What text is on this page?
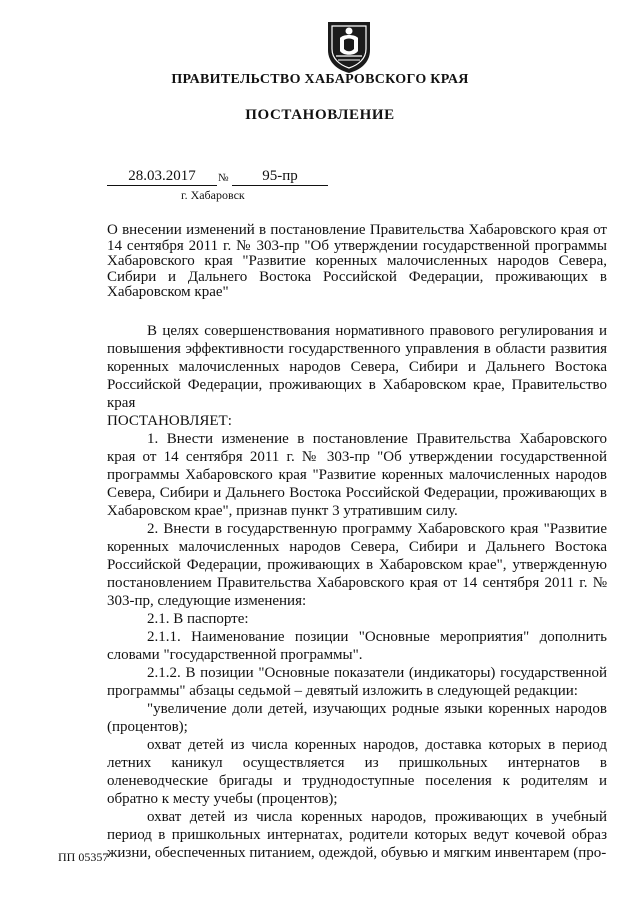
ПРАВИТЕЛЬСТВО ХАБАРОВСКОГО КРАЯ
ПОСТАНОВЛЕНИЕ
28.03.2017	№	95-пр
г. Хабаровск
О внесении изменений в постановление Правительства Хабаровского края от 14 сентября 2011 г. № 303-пр "Об утверждении государственной программы Хабаровского края "Развитие коренных малочисленных народов Севера, Сибири и Дальнего Востока Российской Федерации, проживающих в Хабаровском крае"

В целях совершенствования нормативного правового регулирования и повышения эффективности государственного управления в области развития коренных малочисленных народов Севера, Сибири и Дальнего Востока Российской Федерации, проживающих в Хабаровском крае, Правительство края

ПОСТАНОВЛЯЕТ:

1. Внести изменение в постановление Правительства Хабаровского края от 14 сентября 2011 г. № 303-пр "Об утверждении государственной программы Хабаровского края "Развитие коренных малочисленных народов Севера, Сибири и Дальнего Востока Российской Федерации, проживающих в Хабаровском крае", признав пункт 3 утратившим силу.

2. Внести в государственную программу Хабаровского края "Развитие коренных малочисленных народов Севера, Сибири и Дальнего Востока Российской Федерации, проживающих в Хабаровском крае", утвержденную постановлением Правительства Хабаровского края от 14 сентября 2011 г. № 303-пр, следующие изменения:

2.1. В паспорте:

2.1.1. Наименование позиции "Основные мероприятия" дополнить словами "государственной программы".

2.1.2. В позиции "Основные показатели (индикаторы) государственной программы" абзацы седьмой – девятый изложить в следующей редакции:

"увеличение доли детей, изучающих родные языки коренных народов (процентов);

охват детей из числа коренных народов, доставка которых в период летних каникул осуществляется из пришкольных интернатов в оленеводческие бригады и труднодоступные поселения к родителям и обратно к месту учебы (процентов);

охват детей из числа коренных народов, проживающих в учебный период в пришкольных интернатах, родители которых ведут кочевой образ жизни, обеспеченных питанием, одеждой, обувью и мягким инвентарем (про-

ПП 05357
